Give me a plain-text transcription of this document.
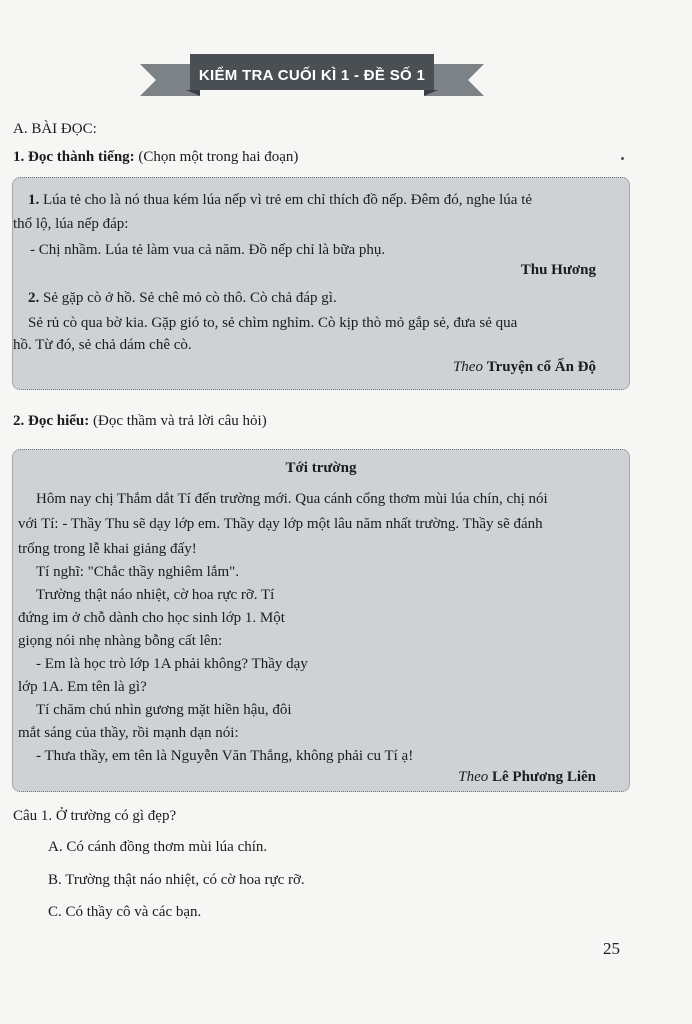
KIỂM TRA CUỐI KÌ 1 - ĐỀ SỐ 1
A. BÀI ĐỌC:
1. Đọc thành tiếng: (Chọn một trong hai đoạn)
1. Lúa tẻ cho là nó thua kém lúa nếp vì trẻ em chỉ thích đồ nếp. Đêm đó, nghe lúa tẻ
thổ lộ, lúa nếp đáp:
- Chị nhầm. Lúa tẻ làm vua cả năm. Đồ nếp chỉ là bữa phụ.
Thu Hương
2. Sẻ gặp cò ở hồ. Sẻ chê mỏ cò thô. Cò chả đáp gì.
Sẻ rủ cò qua bờ kia. Gặp gió to, sẻ chìm nghỉm. Cò kịp thò mỏ gắp sẻ, đưa sẻ qua
hồ. Từ đó, sẻ chả dám chê cò.
Theo Truyện cổ Ấn Độ
2. Đọc hiểu: (Đọc thầm và trả lời câu hỏi)
Tới trường
Hôm nay chị Thắm dắt Tí đến trường mới. Qua cánh cổng thơm mùi lúa chín, chị nói
với Tí: - Thầy Thu sẽ dạy lớp em. Thầy dạy lớp một lâu năm nhất trường. Thầy sẽ đánh
trống trong lễ khai giảng đấy!
Tí nghĩ: "Chắc thầy nghiêm lắm".
Trường thật náo nhiệt, cờ hoa rực rỡ. Tí
đứng im ở chỗ dành cho học sinh lớp 1. Một
giọng nói nhẹ nhàng bỗng cất lên:
- Em là học trò lớp 1A phải không? Thầy dạy
lớp 1A. Em tên là gì?
Tí chăm chú nhìn gương mặt hiền hậu, đôi
mắt sáng của thầy, rồi mạnh dạn nói:
- Thưa thầy, em tên là Nguyễn Văn Thắng, không phải cu Tí ạ!
Theo Lê Phương Liên
Câu 1. Ở trường có gì đẹp?
A. Có cánh đồng thơm mùi lúa chín.
B. Trường thật náo nhiệt, có cờ hoa rực rỡ.
C. Có thầy cô và các bạn.
25
